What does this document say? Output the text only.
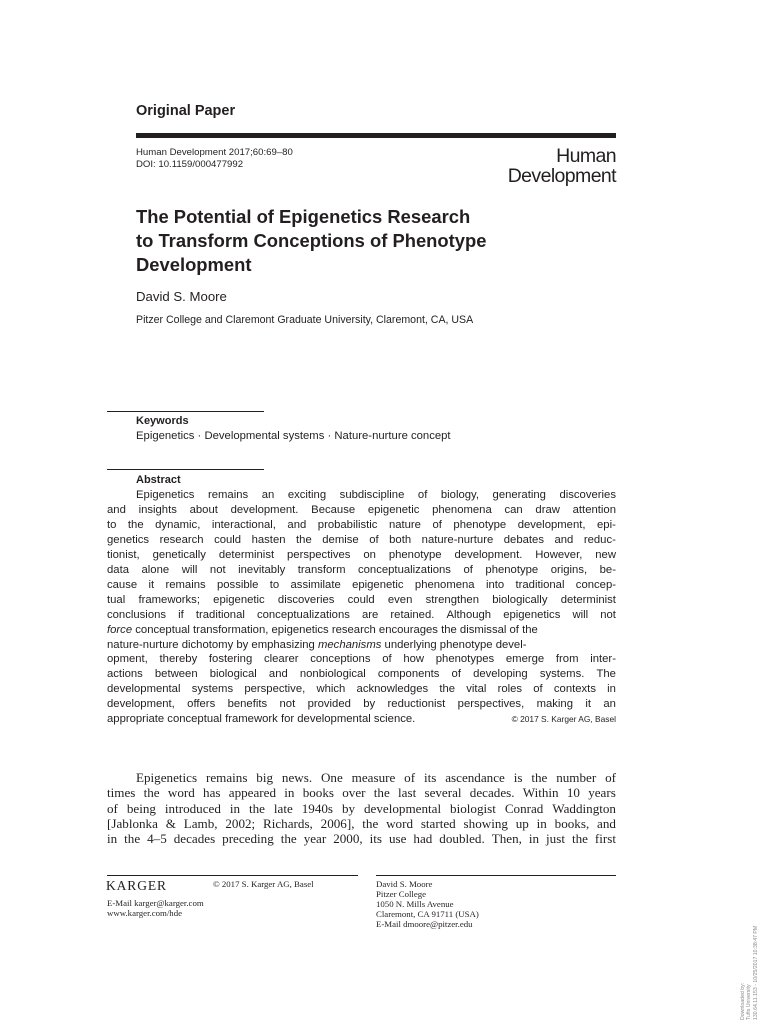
Original Paper
Human Development 2017;60:69–80
DOI: 10.1159/000477992	Human
Development
The Potential of Epigenetics Research
to Transform Conceptions of Phenotype
Development
David S. Moore
Pitzer College and Claremont Graduate University, Claremont, CA, USA
Keywords
Epigenetics · Developmental systems · Nature-nurture concept
Abstract
Epigenetics remains an exciting subdiscipline of biology, generating discoveries
and insights about development. Because epigenetic phenomena can draw attention
to the dynamic, interactional, and probabilistic nature of phenotype development, epi-
genetics research could hasten the demise of both nature-nurture debates and reduc-
tionist, genetically determinist perspectives on phenotype development. However, new
data alone will not inevitably transform conceptualizations of phenotype origins, be-
cause it remains possible to assimilate epigenetic phenomena into traditional concep-
tual frameworks; epigenetic discoveries could even strengthen biologically determinist
conclusions if traditional conceptualizations are retained. Although epigenetics will not
force conceptual transformation, epigenetics research encourages the dismissal of the
nature-nurture dichotomy by emphasizing mechanisms underlying phenotype devel-
opment, thereby fostering clearer conceptions of how phenotypes emerge from inter-
actions between biological and nonbiological components of developing systems. The
developmental systems perspective, which acknowledges the vital roles of contexts in
development, offers benefits not provided by reductionist perspectives, making it an
appropriate conceptual framework for developmental science.	© 2017 S. Karger AG, Basel
Epigenetics remains big news. One measure of its ascendance is the number of
times the word has appeared in books over the last several decades. Within 10 years
of being introduced in the late 1940s by developmental biologist Conrad Waddington
[Jablonka & Lamb, 2002; Richards, 2006], the word started showing up in books, and
in the 4–5 decades preceding the year 2000, its use had doubled. Then, in just the first
KARGER	© 2017 S. Karger AG, Basel
E-Mail karger@karger.com
www.karger.com/hde
David S. Moore
Pitzer College
1050 N. Mills Avenue
Claremont, CA 91711 (USA)
E-Mail dmoore@pitzer.edu
Downloaded by: Tufts University 130.64.11.153 - 10/25/2017 10:38:47 PM
